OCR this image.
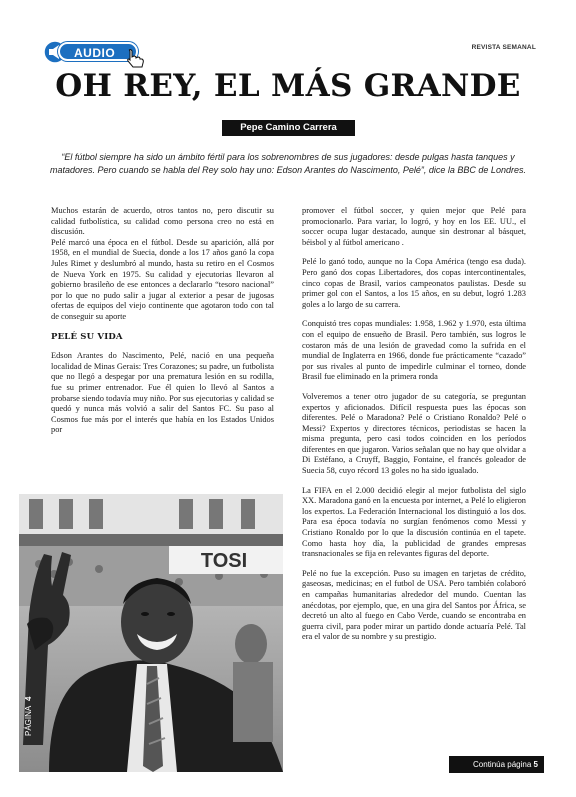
AUDIO	REVISTA SEMANAL
OH REY, EL MÁS GRANDE
Pepe Camino Carrera
“El fútbol siempre ha sido un ámbito fértil para los sobrenombres de sus jugadores: desde pulgas hasta tanques y matadores. Pero cuando se habla del Rey solo hay uno: Edson Arantes do Nascimento, Pelé”, dice la BBC de Londres.

Muchos estarán de acuerdo, otros tantos no, pero discutir su calidad futbolística, su calidad como persona creo no está en discusión.

Pelé marcó una época en el fútbol. Desde su aparición, allá por 1958, en el mundial de Suecia, donde a los 17 años ganó la copa Jules Rimet y deslumbró al mundo, hasta su retiro en el Cosmos de Nueva York en 1975. Su calidad y ejecutorias llevaron al gobierno brasileño de ese entonces a declararlo “tesoro nacional” por lo que no pudo salir a jugar al exterior a pesar de jugosas ofertas de equipos del viejo continente que agotaron todo con tal de conseguir su aporte

PELÉ SU VIDA

Edson Arantes do Nascimento, Pelé, nació en una pequeña localidad de Minas Gerais: Tres Corazones; su padre, un futbolista que no llegó a despegar por una prematura lesión en su rodilla, fue su primer entrenador. Fue él quien lo llevó al Santos a probarse siendo todavía muy niño. Por sus ejecutorias y calidad se quedó y nunca más volvió a salir del Santos FC. Su paso al Cosmos fue más por el interés que había en los Estados Unidos por

TOSI
PÁGINA 4

promover el fútbol soccer, y quien mejor que Pelé para promocionarlo. Para variar, lo logró, y hoy en los EE. UU., el soccer ocupa lugar destacado, aunque sin destronar al básquet, béisbol y al fútbol americano .

Pelé lo ganó todo, aunque no la Copa América (tengo esa duda). Pero ganó dos copas Libertadores, dos copas intercontinentales, cinco copas de Brasil, varios campeonatos paulistas. Desde su primer gol con el Santos, a los 15 años, en su debut, logró 1.283 goles a lo largo de su carrera.

Conquistó tres copas mundiales: 1.958, 1.962 y 1.970, esta última con el equipo de ensueño de Brasil. Pero también, sus logros le costaron más de una lesión de gravedad como la sufrida en el mundial de Inglaterra en 1966, donde fue prácticamente “cazado” por sus rivales al punto de impedirle culminar el torneo, donde Brasil fue eliminado en la primera ronda

Volveremos a tener otro jugador de su categoría, se preguntan expertos y aficionados. Difícil respuesta pues las épocas son diferentes. Pelé o Maradona? Pelé o Cristiano Ronaldo? Pelé o Messi? Expertos y directores técnicos, periodistas se hacen la misma pregunta, pero casi todos coinciden en los períodos diferentes en que jugaron. Varios señalan que no hay que olvidar a Di Estéfano, a Cruyff, Baggio, Fontaine, el francés goleador de Suecia 58, cuyo récord 13 goles no ha sido igualado.

La FIFA en el 2.000 decidió elegir al mejor futbolista del siglo XX. Maradona ganó en la encuesta por internet, a Pelé lo eligieron los expertos. La Federación Internacional los distinguió a los dos. Para esa época todavía no surgían fenómenos como Messi y Cristiano Ronaldo por lo que la discusión continúa en el tapete. Como hasta hoy día, la publicidad de grandes empresas transnacionales se fija en relevantes figuras del deporte.

Pelé no fue la excepción. Puso su imagen en tarjetas de crédito, gaseosas, medicinas; en el futbol de USA. Pero también colaboró en campañas humanitarias alrededor del mundo. Cuentan las anécdotas, por ejemplo, que, en una gira del Santos por África, se decretó un alto al fuego en Cabo Verde, cuando se encontraba en guerra civil, para poder mirar un partido donde actuaría Pelé. Tal era el valor de su nombre y su prestigio.

Continúa página 5
